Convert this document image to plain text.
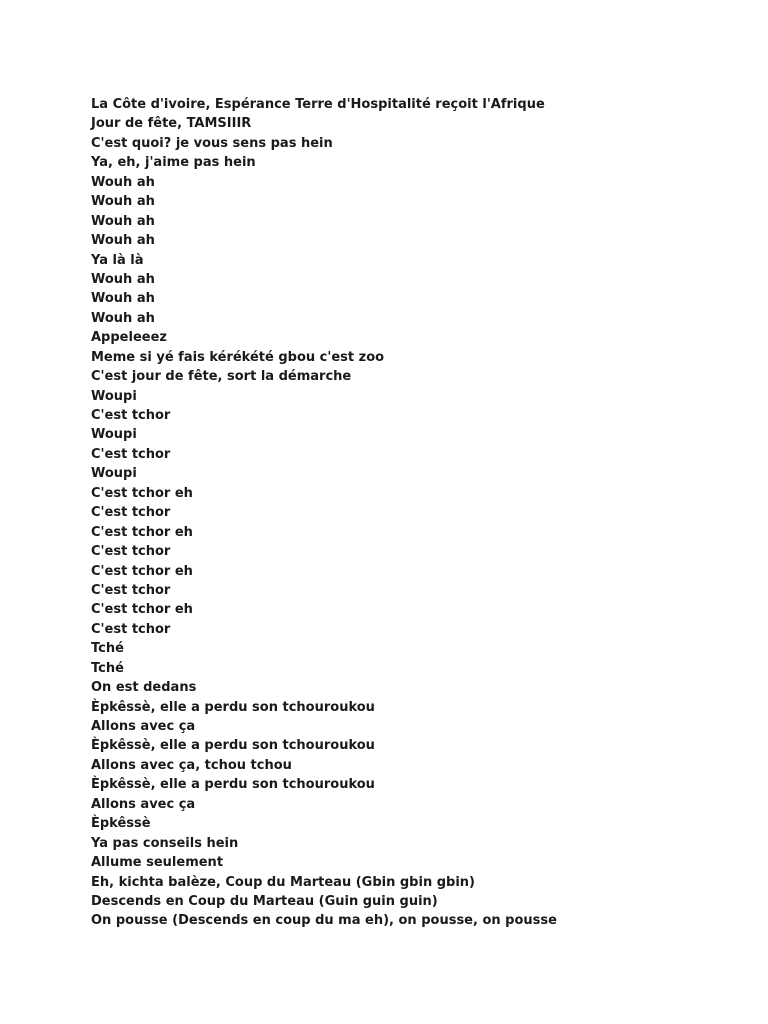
La Côte d'ivoire, Espérance Terre d'Hospitalité reçoit l'Afrique
Jour de fête, TAMSIIIR
C'est quoi? je vous sens pas hein
Ya, eh, j'aime pas hein
Wouh ah
Wouh ah
Wouh ah
Wouh ah
Ya là là
Wouh ah
Wouh ah
Wouh ah
Appeleeez
Meme si yé fais kérékété gbou c'est zoo
C'est jour de fête, sort la démarche
Woupi
C'est tchor
Woupi
C'est tchor
Woupi
C'est tchor eh
C'est tchor
C'est tchor eh
C'est tchor
C'est tchor eh
C'est tchor
C'est tchor eh
C'est tchor
Tché
Tché
On est dedans
Èpkêssè, elle a perdu son tchouroukou
Allons avec ça
Èpkêssè, elle a perdu son tchouroukou
Allons avec ça, tchou tchou
Èpkêssè, elle a perdu son tchouroukou
Allons avec ça
Èpkêssè
Ya pas conseils hein
Allume seulement
Eh, kichta balèze, Coup du Marteau (Gbin gbin gbin)
Descends en Coup du Marteau (Guin guin guin)
On pousse (Descends en coup du ma eh), on pousse, on pousse
